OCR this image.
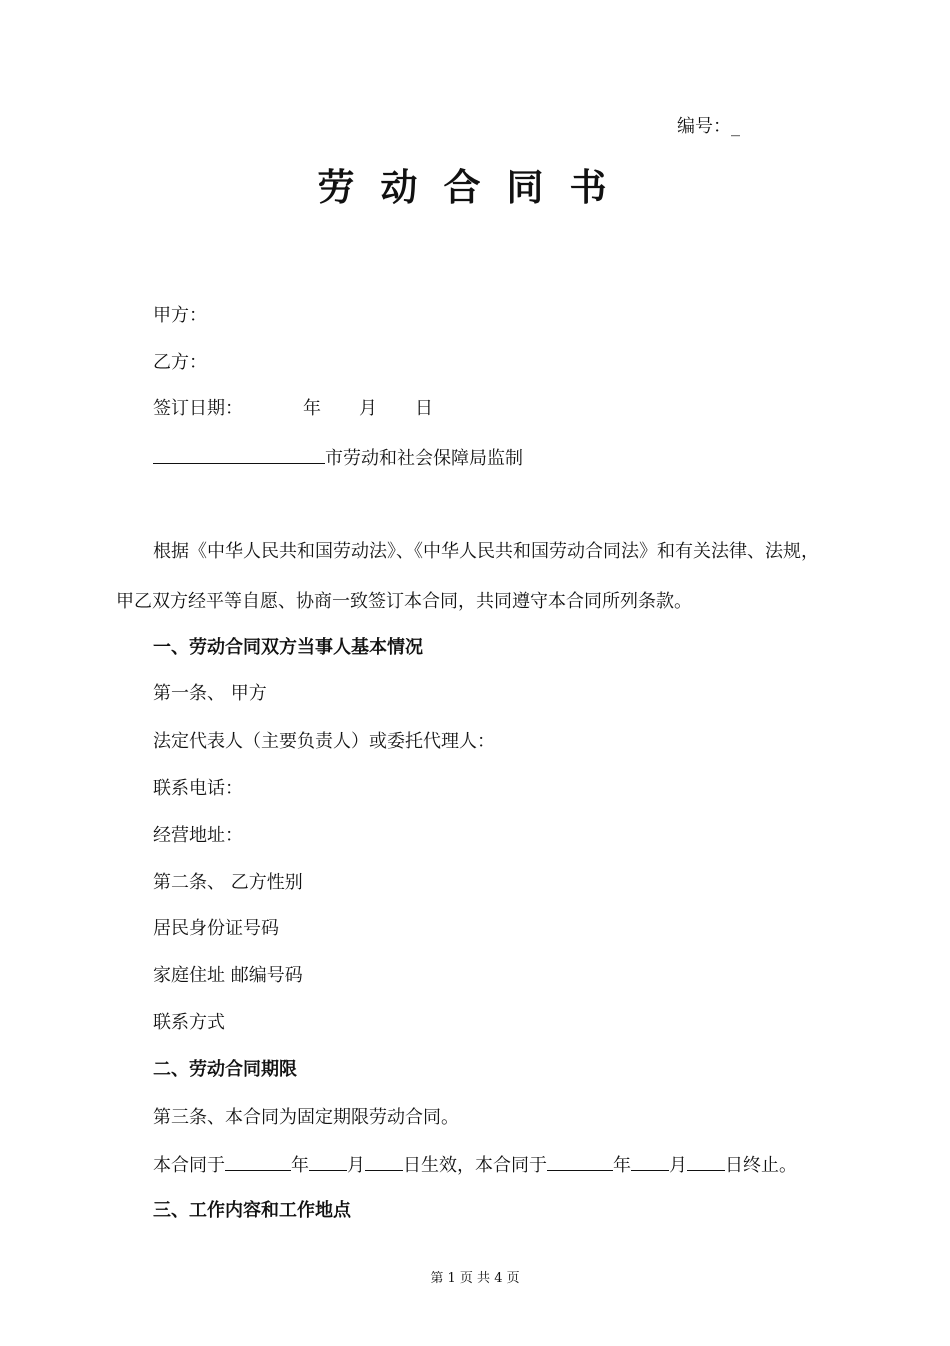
编号：_
劳动合同书
甲方：
乙方：
签订日期：	年 月 日
市劳动和社会保障局监制
根据《中华人民共和国劳动法》、《中华人民共和国劳动合同法》和有关法律、法规，
甲乙双方经平等自愿、协商一致签订本合同，共同遵守本合同所列条款。
一、劳动合同双方当事人基本情况
第一条、 甲方
法定代表人（主要负责人）或委托代理人：
联系电话：
经营地址：
第二条、 乙方性别
居民身份证号码
家庭住址 邮编号码
联系方式
二、劳动合同期限
第三条、本合同为固定期限劳动合同。
本合同于	年 月 日生效，本合同于	年 月 日终止。
三、工作内容和工作地点
第 1 页 共 4 页
